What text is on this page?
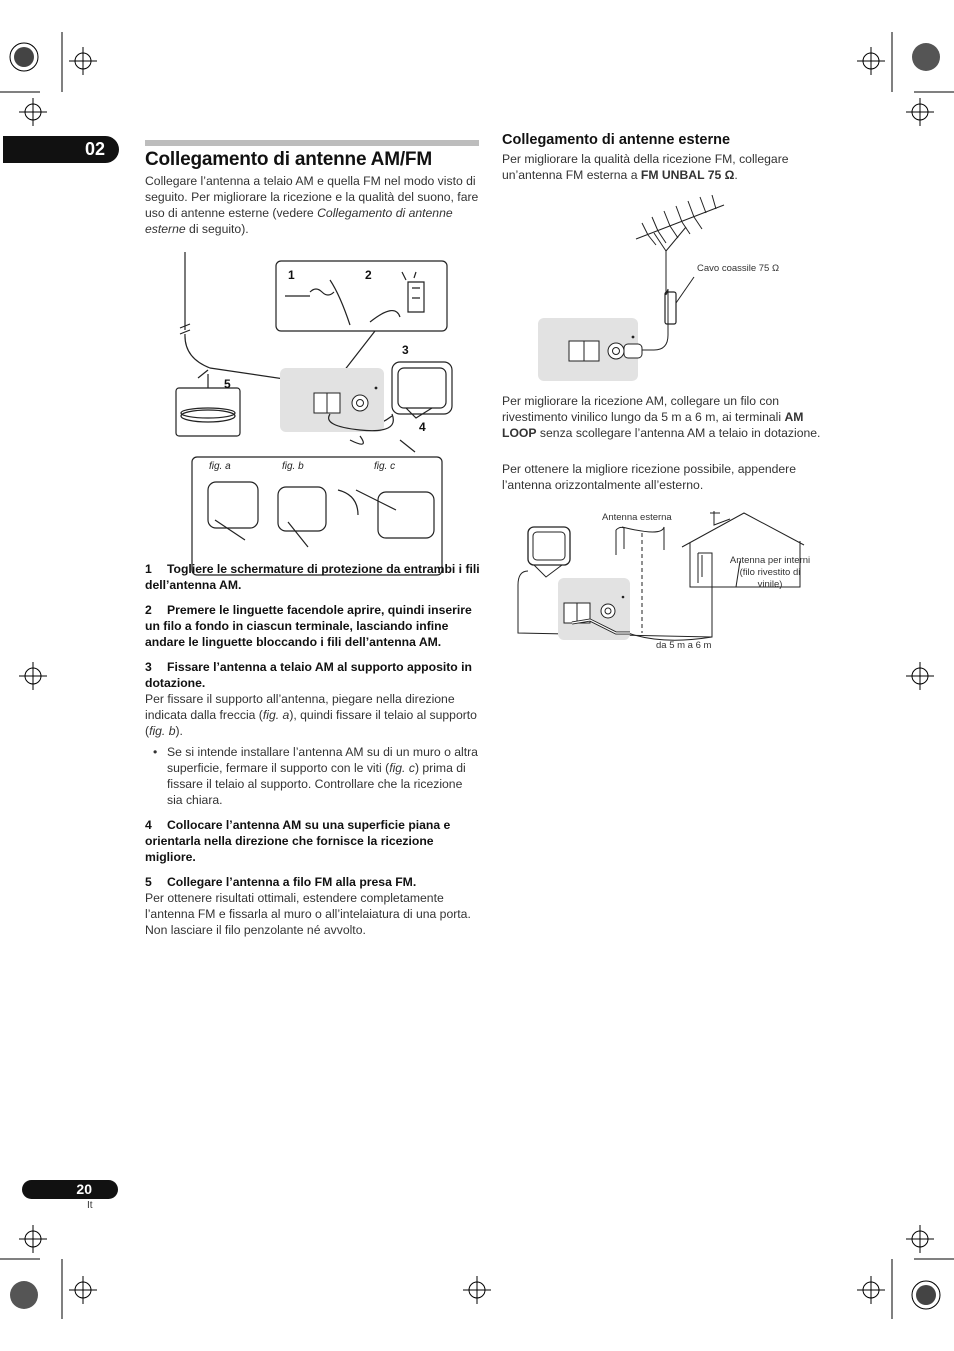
02	Collegamento di antenne AM/FM

Collegare l’antenna a telaio AM e quella FM nel modo visto di seguito. Per migliorare la ricezione e la qualità del suono, fare uso di antenne esterne (vedere Collegamento di antenne esterne di seguito).

1	2
3
4
5
fig. a	fig. b	fig. c

1 Togliere le schermature di protezione da entrambi i fili dell’antenna AM.

2 Premere le linguette facendole aprire, quindi inserire un filo a fondo in ciascun terminale, lasciando infine andare le linguette bloccando i fili dell’antenna AM.

3 Fissare l’antenna a telaio AM al supporto apposito in dotazione.

Per fissare il supporto all’antenna, piegare nella direzione indicata dalla freccia (fig. a), quindi fissare il telaio al supporto (fig. b).

• Se si intende installare l’antenna AM su di un muro o altra superficie, fermare il supporto con le viti (fig. c) prima di fissare il telaio al supporto. Controllare che la ricezione sia chiara.

4 Collocare l’antenna AM su una superficie piana e orientarla nella direzione che fornisce la ricezione migliore.

5 Collegare l’antenna a filo FM alla presa FM.

Per ottenere risultati ottimali, estendere completamente l’antenna FM e fissarla al muro o all’intelaiatura di una porta. Non lasciare il filo penzolante né avvolto.

Collegamento di antenne esterne

Per migliorare la qualità della ricezione FM, collegare un’antenna FM esterna a FM UNBAL 75 Ω.

Cavo coassile 75 Ω

Per migliorare la ricezione AM, collegare un filo con rivestimento vinilico lungo da 5 m a 6 m, ai terminali AM LOOP senza scollegare l’antenna AM a telaio in dotazione.

Per ottenere la migliore ricezione possibile, appendere l’antenna orizzontalmente all’esterno.

Antenna esterna
Antenna per interni
(filo rivestito di
vinile)
da 5 m a 6 m
20
It
